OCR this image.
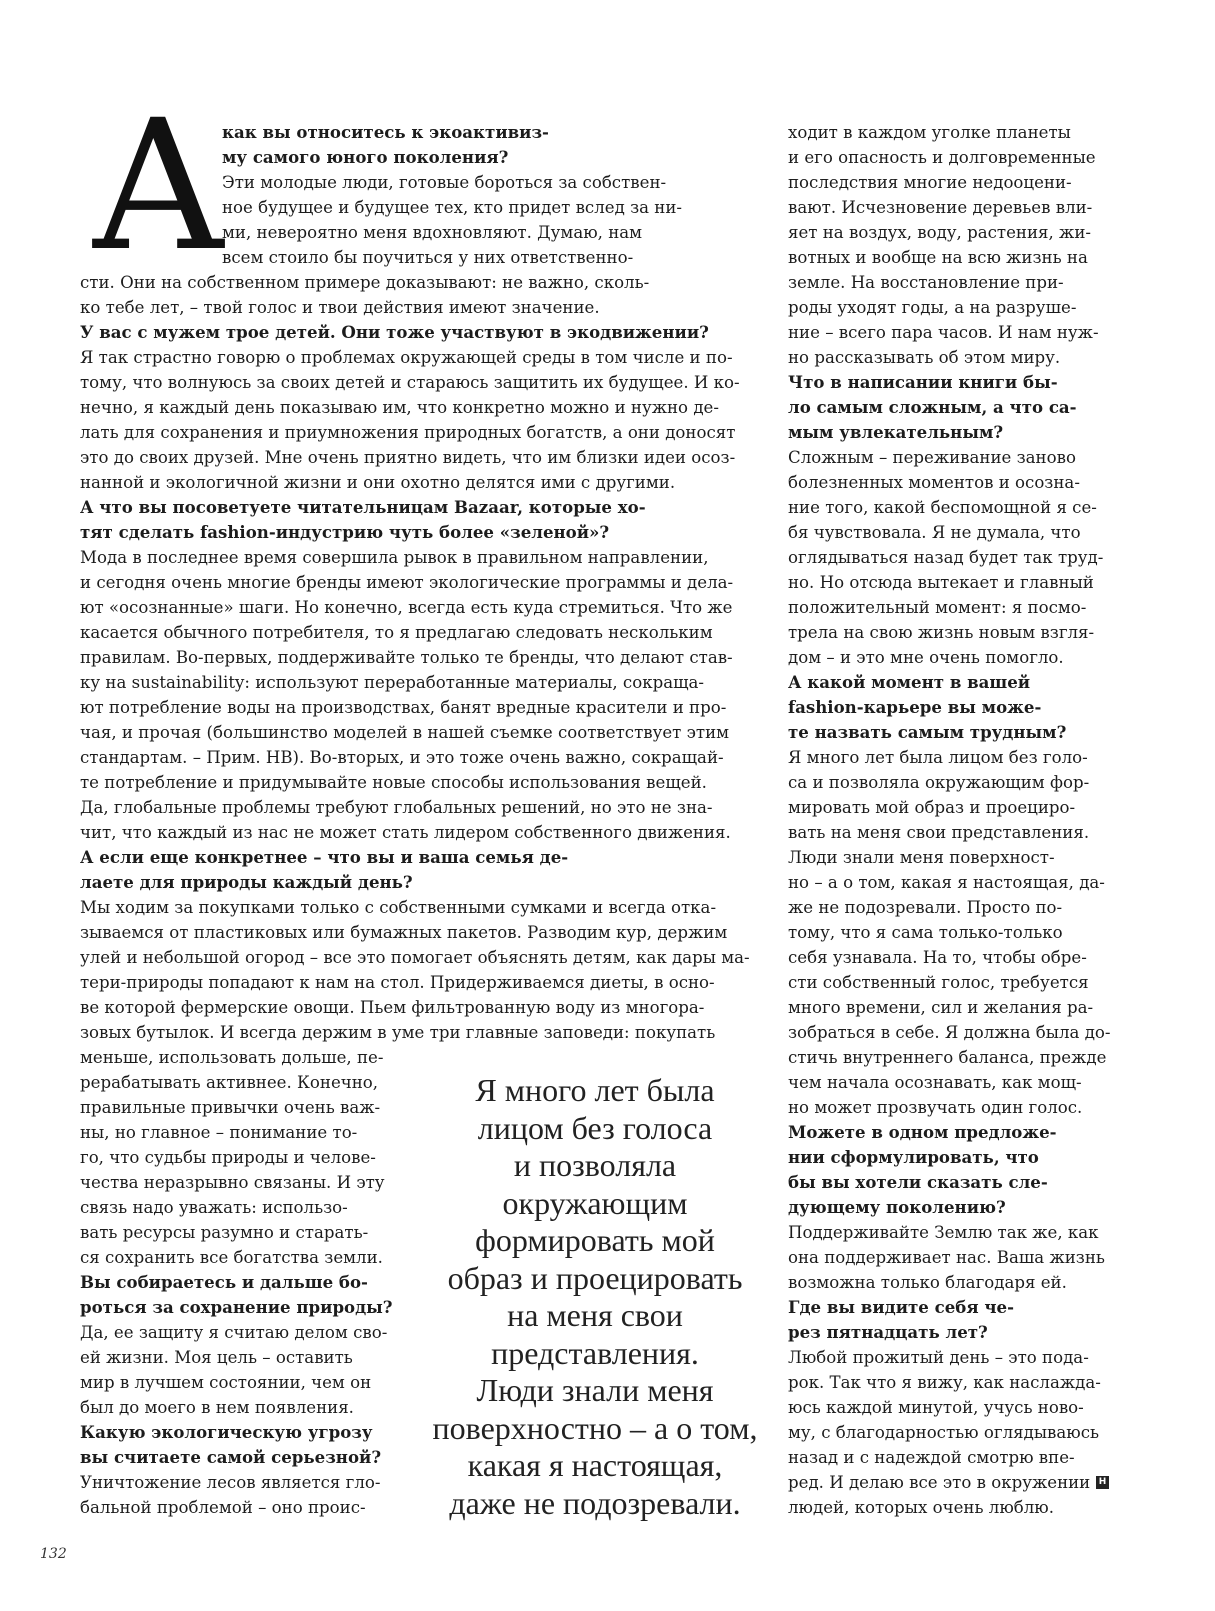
А

как вы относитесь к экоактивиз-

му самого юного поколения?

Эти молодые люди, готовые бороться за собствен-

ное будущее и будущее тех, кто придет вслед за ни-

ми, невероятно меня вдохновляют. Думаю, нам

всем стоило бы поучиться у них ответственно-

сти. Они на собственном примере доказывают: не важно, сколь-

ко тебе лет, – твой голос и твои действия имеют значение.

У вас с мужем трое детей. Они тоже участвуют в экодвижении?

Я так страстно говорю о проблемах окружающей среды в том числе и по-

тому, что волнуюсь за своих детей и стараюсь защитить их будущее. И ко-

нечно, я каждый день показываю им, что конкретно можно и нужно де-

лать для сохранения и приумножения природных богатств, а они доносят

это до своих друзей. Мне очень приятно видеть, что им близки идеи осоз-

нанной и экологичной жизни и они охотно делятся ими с другими.

А что вы посоветуете читательницам Bazaar, которые хо-

тят сделать fashion-индустрию чуть более «зеленой»?

Мода в последнее время совершила рывок в правильном направлении,

и сегодня очень многие бренды имеют экологические программы и дела-

ют «осознанные» шаги. Но конечно, всегда есть куда стремиться. Что же

касается обычного потребителя, то я предлагаю следовать нескольким

правилам. Во-первых, поддерживайте только те бренды, что делают став-

ку на sustainability: используют переработанные материалы, сокраща-

ют потребление воды на производствах, банят вредные красители и про-

чая, и прочая (большинство моделей в нашей съемке соответствует этим

стандартам. – Прим. HB). Во-вторых, и это тоже очень важно, сокращай-

те потребление и придумывайте новые способы использования вещей.

Да, глобальные проблемы требуют глобальных решений, но это не зна-

чит, что каждый из нас не может стать лидером собственного движения.

А если еще конкретнее – что вы и ваша семья де-

лаете для природы каждый день?

Мы ходим за покупками только с собственными сумками и всегда отка-

зываемся от пластиковых или бумажных пакетов. Разводим кур, держим

улей и небольшой огород – все это помогает объяснять детям, как дары ма-

тери-природы попадают к нам на стол. Придерживаемся диеты, в осно-

ве которой фермерские овощи. Пьем фильтрованную воду из многора-

зовых бутылок. И всегда держим в уме три главные заповеди: покупать

меньше, использовать дольше, пе-

рерабатывать активнее. Конечно,

правильные привычки очень важ-

ны, но главное – понимание то-

го, что судьбы природы и челове-

чества неразрывно связаны. И эту

связь надо уважать: использо-

вать ресурсы разумно и старать-

ся сохранить все богатства земли.

Вы собираетесь и дальше бо-

роться за сохранение природы?

Да, ее защиту я считаю делом сво-

ей жизни. Моя цель – оставить

мир в лучшем состоянии, чем он

был до моего в нем появления.

Какую экологическую угрозу

вы считаете самой серьезной?

Уничтожение лесов является гло-

бальной проблемой – оно проис-

ходит в каждом уголке планеты

и его опасность и долговременные

последствия многие недооцени-

вают. Исчезновение деревьев вли-

яет на воздух, воду, растения, жи-

вотных и вообще на всю жизнь на

земле. На восстановление при-

роды уходят годы, а на разруше-

ние – всего пара часов. И нам нуж-

но рассказывать об этом миру.

Что в написании книги бы-

ло самым сложным, а что са-

мым увлекательным?

Сложным – переживание заново

болезненных моментов и осозна-

ние того, какой беспомощной я се-

бя чувствовала. Я не думала, что

оглядываться назад будет так труд-

но. Но отсюда вытекает и главный

положительный момент: я посмо-

трела на свою жизнь новым взгля-

дом – и это мне очень помогло.

А какой момент в вашей

fashion-карьере вы може-

те назвать самым трудным?

Я много лет была лицом без голо-

са и позволяла окружающим фор-

мировать мой образ и проециро-

вать на меня свои представления.

Люди знали меня поверхност-

но – а о том, какая я настоящая, да-

же не подозревали. Просто по-

тому, что я сама только-только

себя узнавала. На то, чтобы обре-

сти собственный голос, требуется

много времени, сил и желания ра-

зобраться в себе. Я должна была до-

стичь внутреннего баланса, прежде

чем начала осознавать, как мощ-

но может прозвучать один голос.

Можете в одном предложе-

нии сформулировать, что

бы вы хотели сказать сле-

дующему поколению?

Поддерживайте Землю так же, как

она поддерживает нас. Ваша жизнь

возможна только благодаря ей.

Где вы видите себя че-

рез пятнадцать лет?

Любой прожитый день – это пода-

рок. Так что я вижу, как наслажда-

юсь каждой минутой, учусь ново-

му, с благодарностью оглядываюсь

назад и с надеждой смотрю впе-

ред. И делаю все это в окружении

людей, которых очень люблю.

Я много лет была
лицом без голоса
и позволяла
окружающим
формировать мой
образ и проецировать
на меня свои
представления.
Люди знали меня
поверхностно – а о том,
какая я настоящая,
даже не подозревали.
132
H
